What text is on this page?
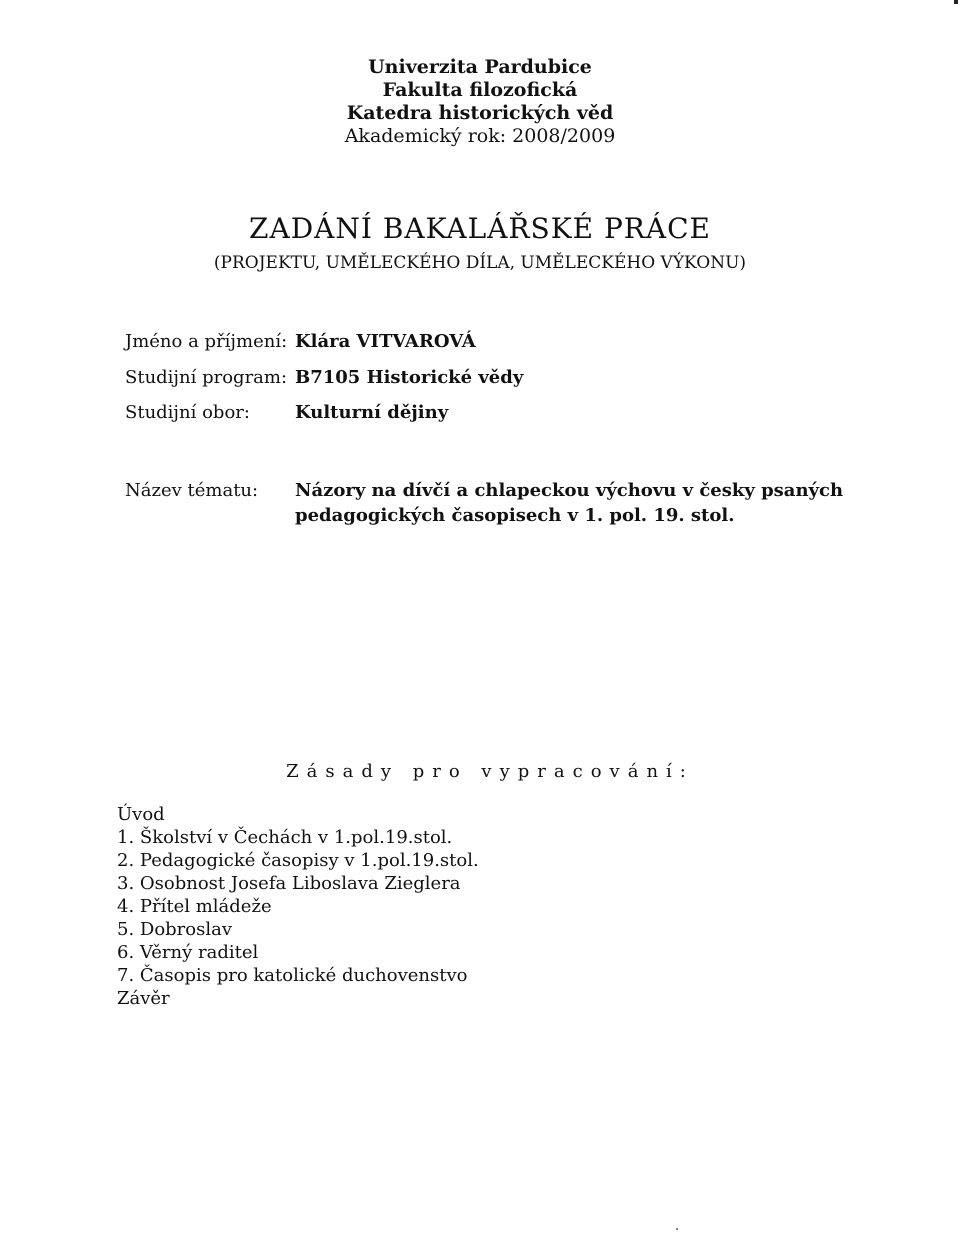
Univerzita Pardubice
Fakulta filozofická
Katedra historických věd
Akademický rok: 2008/2009
ZADÁNÍ BAKALÁŘSKÉ PRÁCE
(PROJEKTU, UMĚLECKÉHO DÍLA, UMĚLECKÉHO VÝKONU)
Jméno a příjmení: Klára VITVAROVÁ
Studijní program: B7105 Historické vědy
Studijní obor:	Kulturní dějiny
Název tématu: Názory na dívčí a chlapeckou výchovu v česky psaných pedagogických časopisech v 1. pol. 19. stol.
Zásady pro vypracování:
Úvod
1. Školství v Čechách v 1.pol.19.stol.
2. Pedagogické časopisy v 1.pol.19.stol.
3. Osobnost Josefa Liboslava Zieglera
4. Přítel mládeže
5. Dobroslav
6. Věrný raditel
7. Časopis pro katolické duchovenstvo
Závěr
